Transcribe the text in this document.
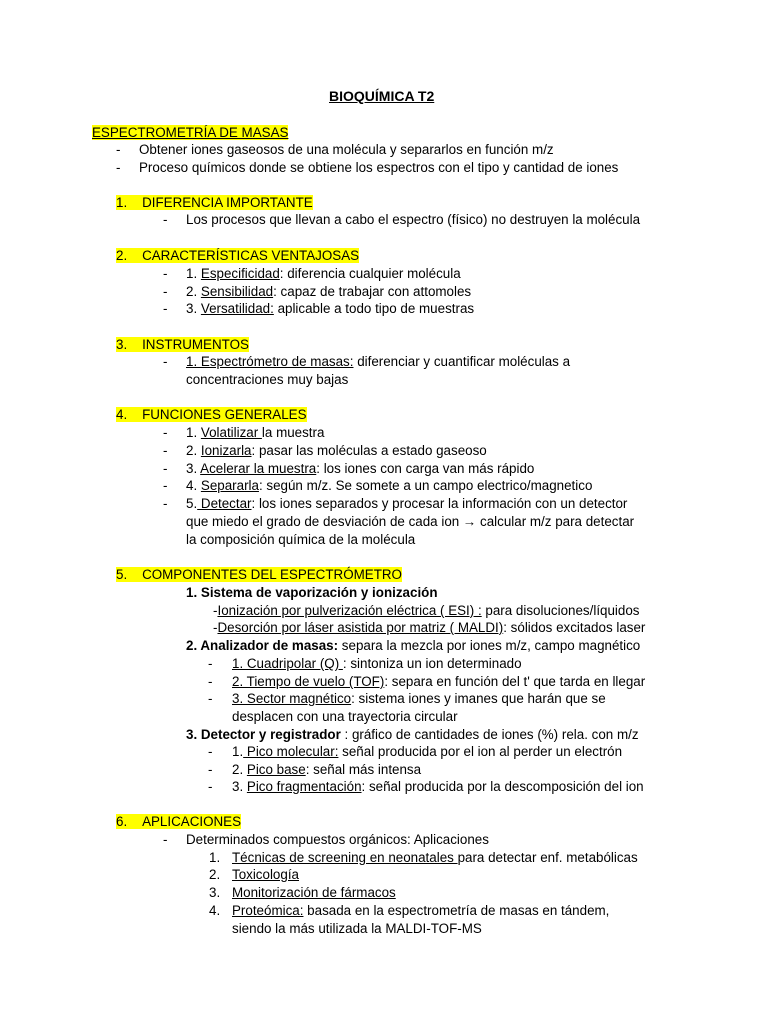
BIOQUÍMICA T2
ESPECTROMETRÍA DE MASAS
- Obtener iones gaseosos de una molécula y separarlos en función m/z
- Proceso químicos donde se obtiene los espectros con el tipo y cantidad de iones
1. DIFERENCIA IMPORTANTE
- Los procesos que llevan a cabo el espectro (físico) no destruyen la molécula
2. CARACTERÍSTICAS VENTAJOSAS
- 1. Especificidad: diferencia cualquier molécula
- 2. Sensibilidad: capaz de trabajar con attomoles
- 3. Versatilidad: aplicable a todo tipo de muestras
3. INSTRUMENTOS
- 1. Espectrómetro de masas: diferenciar y cuantificar moléculas a
concentraciones muy bajas
4. FUNCIONES GENERALES
- 1. Volatilizar la muestra
- 2. Ionizarla: pasar las moléculas a estado gaseoso
- 3. Acelerar la muestra: los iones con carga van más rápido
- 4. Separarla: según m/z. Se somete a un campo electrico/magnetico
- 5. Detectar: los iones separados y procesar la información con un detector
que miedo el grado de desviación de cada ion → calcular m/z para detectar
la composición química de la molécula
5. COMPONENTES DEL ESPECTRÓMETRO
1. Sistema de vaporización y ionización
-Ionización por pulverización eléctrica ( ESI) : para disoluciones/líquidos
-Desorción por láser asistida por matriz ( MALDI): sólidos excitados laser
2. Analizador de masas: separa la mezcla por iones m/z, campo magnético
- 1. Cuadripolar (Q) : sintoniza un ion determinado
- 2. Tiempo de vuelo (TOF): separa en función del t' que tarda en llegar
- 3. Sector magnético: sistema iones y imanes que harán que se
desplacen con una trayectoria circular
3. Detector y registrador : gráfico de cantidades de iones (%) rela. con m/z
- 1. Pico molecular: señal producida por el ion al perder un electrón
- 2. Pico base: señal más intensa
- 3. Pico fragmentación: señal producida por la descomposición del ion
6. APLICACIONES
- Determinados compuestos orgánicos: Aplicaciones
1. Técnicas de screening en neonatales para detectar enf. metabólicas
2. Toxicología
3. Monitorización de fármacos
4. Proteómica: basada en la espectrometría de masas en tándem,
siendo la más utilizada la MALDI-TOF-MS
